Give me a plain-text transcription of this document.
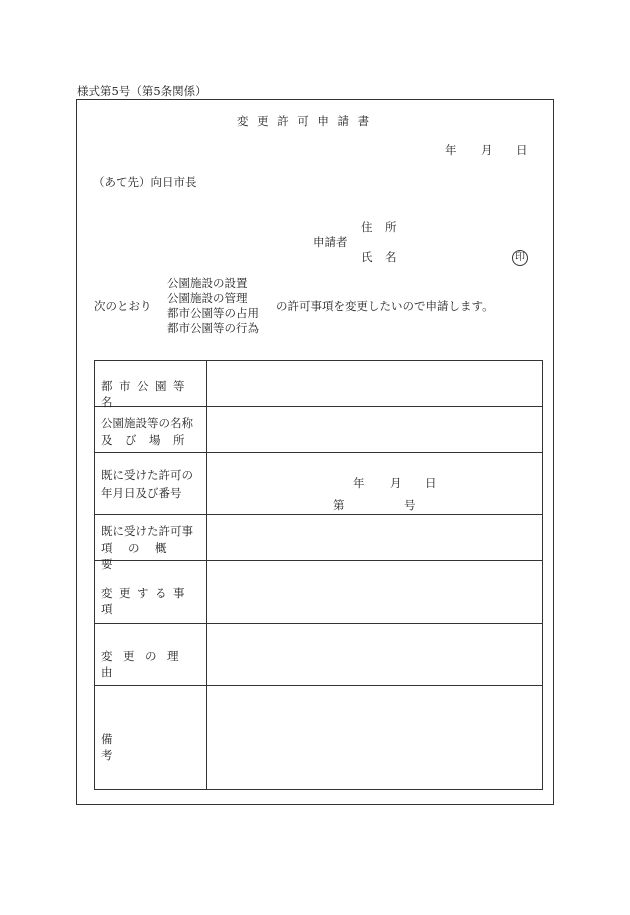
様式第5号（第5条関係）
変更許可申請書
年 月 日
（あて先）向日市長
申請者
住 所
氏 名	印
次のとおり
公園施設の設置
公園施設の管理
都市公園等の占用
都市公園等の行為
の許可事項を変更したいので申請します。
都市公園等名
公園施設等の名称
及び場所
既に受けた許可の
年月日及び番号
年 月 日
第	号
既に受けた許可事
項の概要
変更する事項
変更の理由
備考
